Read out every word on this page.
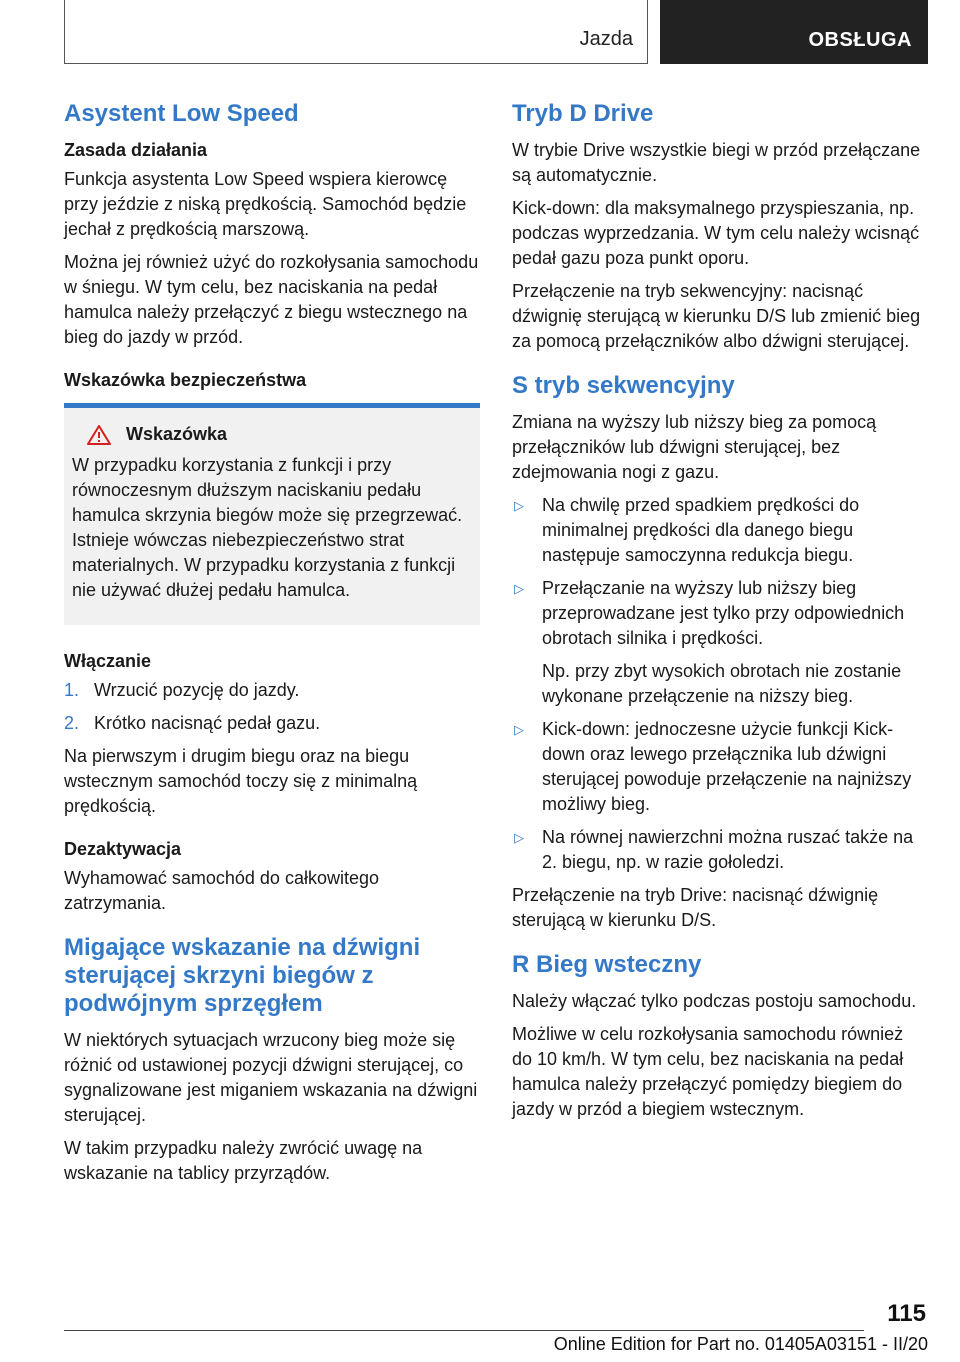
Jazda	OBSŁUGA
Asystent Low Speed
Zasada działania

Funkcja asystenta Low Speed wspiera kierowcę przy jeździe z niską prędkością. Samochód będzie jechał z prędkością marszową.

Można jej również użyć do rozkołysania samochodu w śniegu. W tym celu, bez naciskania na pedał hamulca należy przełączyć z biegu wstecznego na bieg do jazdy w przód.

Wskazówka bezpieczeństwa
Wskazówka

W przypadku korzystania z funkcji i przy równoczesnym dłuższym naciskaniu pedału hamulca skrzynia biegów może się przegrzewać. Istnieje wówczas niebezpieczeństwo strat materialnych. W przypadku korzystania z funkcji nie używać dłużej pedału hamulca.

Włączanie
1. Wrzucić pozycję do jazdy.
2. Krótko nacisnąć pedał gazu.

Na pierwszym i drugim biegu oraz na biegu wstecznym samochód toczy się z minimalną prędkością.

Dezaktywacja

Wyhamować samochód do całkowitego zatrzymania.

Migające wskazanie na dźwigni sterującej skrzyni biegów z podwójnym sprzęgłem

W niektórych sytuacjach wrzucony bieg może się różnić od ustawionej pozycji dźwigni sterującej, co sygnalizowane jest miganiem wskazania na dźwigni sterującej.

W takim przypadku należy zwrócić uwagę na wskazanie na tablicy przyrządów.

Tryb D Drive

W trybie Drive wszystkie biegi w przód przełączane są automatycznie.

Kick-down: dla maksymalnego przyspieszania, np. podczas wyprzedzania. W tym celu należy wcisnąć pedał gazu poza punkt oporu.

Przełączenie na tryb sekwencyjny: nacisnąć dźwignię sterującą w kierunku D/S lub zmienić bieg za pomocą przełączników albo dźwigni sterującej.

S tryb sekwencyjny

Zmiana na wyższy lub niższy bieg za pomocą przełączników lub dźwigni sterującej, bez zdejmowania nogi z gazu.

▷	Na chwilę przed spadkiem prędkości do minimalnej prędkości dla danego biegu następuje samoczynna redukcja biegu.

▷	Przełączanie na wyższy lub niższy bieg przeprowadzane jest tylko przy odpowiednich obrotach silnika i prędkości.

Np. przy zbyt wysokich obrotach nie zostanie wykonane przełączenie na niższy bieg.

▷	Kick-down: jednoczesne użycie funkcji Kick-down oraz lewego przełącznika lub dźwigni sterującej powoduje przełączenie na najniższy możliwy bieg.

▷	Na równej nawierzchni można ruszać także na 2. biegu, np. w razie gołoledzi.

Przełączenie na tryb Drive: nacisnąć dźwignię sterującą w kierunku D/S.

R Bieg wsteczny

Należy włączać tylko podczas postoju samochodu.

Możliwe w celu rozkołysania samochodu również do 10 km/h. W tym celu, bez naciskania na pedał hamulca należy przełączyć pomiędzy biegiem do jazdy w przód a biegiem wstecznym.

115
Online Edition for Part no. 01405A03151 - II/20
